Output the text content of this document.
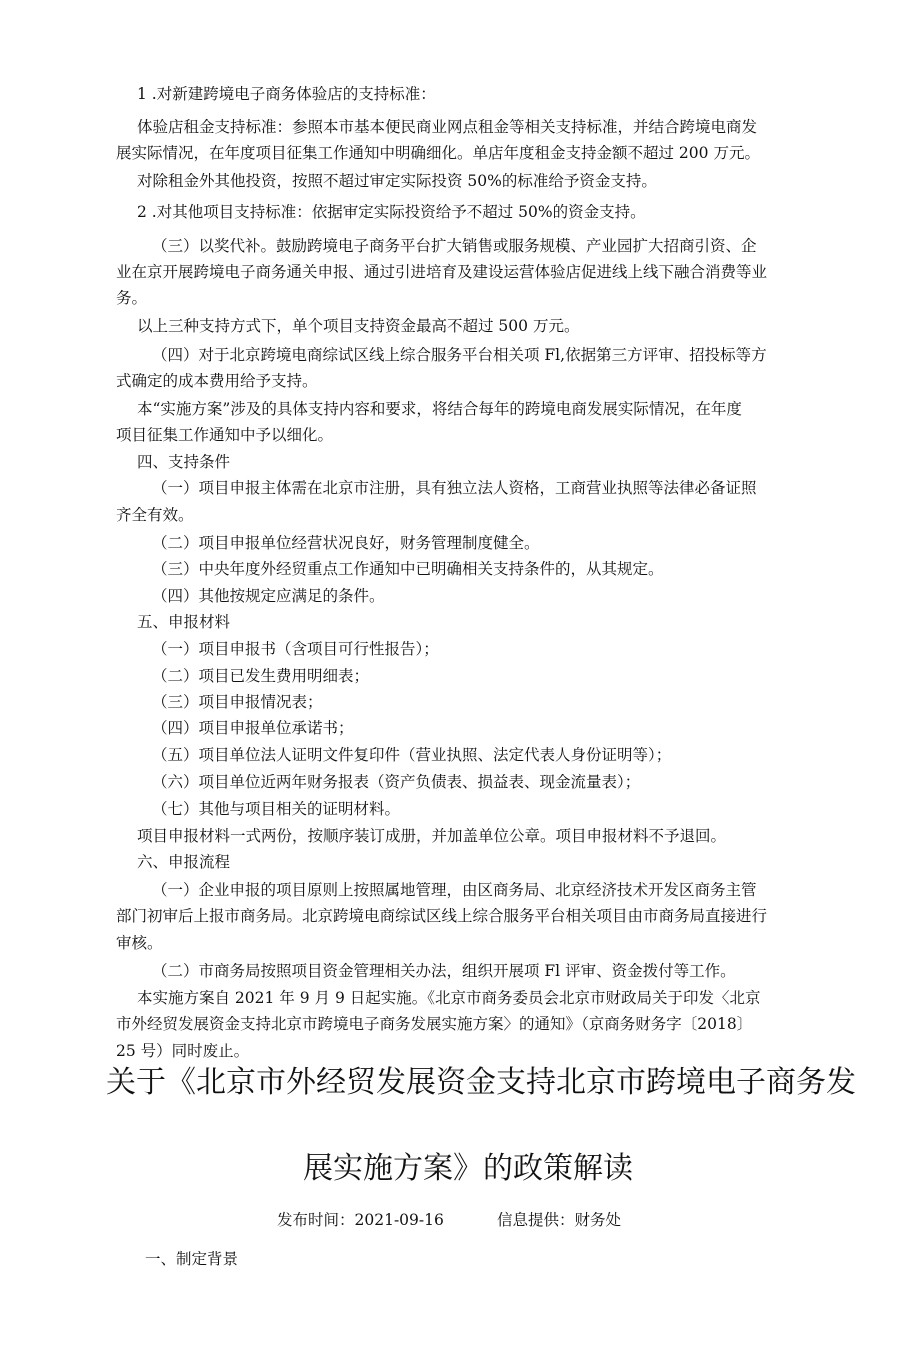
1 .对新建跨境电子商务体验店的支持标准：
体验店租金支持标准：参照本市基本便民商业网点租金等相关支持标准，并结合跨境电商发
展实际情况，在年度项目征集工作通知中明确细化。单店年度租金支持金额不超过 200 万元。
对除租金外其他投资，按照不超过审定实际投资 50%的标准给予资金支持。
2 .对其他项目支持标准：依据审定实际投资给予不超过 50%的资金支持。
（三）以奖代补。鼓励跨境电子商务平台扩大销售或服务规模、产业园扩大招商引资、企
业在京开展跨境电子商务通关申报、通过引进培育及建设运营体验店促进线上线下融合消费等业
务。
以上三种支持方式下，单个项目支持资金最高不超过 500 万元。
（四）对于北京跨境电商综试区线上综合服务平台相关项 Fl,依据第三方评审、招投标等方
式确定的成本费用给予支持。
本“实施方案”涉及的具体支持内容和要求，将结合每年的跨境电商发展实际情况，在年度
项目征集工作通知中予以细化。
四、支持条件
（一）项目申报主体需在北京市注册，具有独立法人资格，工商营业执照等法律必备证照
齐全有效。
（二）项目申报单位经营状况良好，财务管理制度健全。
（三）中央年度外经贸重点工作通知中已明确相关支持条件的，从其规定。
（四）其他按规定应满足的条件。
五、申报材料
（一）项目申报书（含项目可行性报告）；
（二）项目已发生费用明细表；
（三）项目申报情况表；
（四）项目申报单位承诺书；
（五）项目单位法人证明文件复印件（营业执照、法定代表人身份证明等）；
（六）项目单位近两年财务报表（资产负债表、损益表、现金流量表）；
（七）其他与项目相关的证明材料。
项目申报材料一式两份，按顺序装订成册，并加盖单位公章。项目申报材料不予退回。
六、申报流程
（一）企业申报的项目原则上按照属地管理，由区商务局、北京经济技术开发区商务主管
部门初审后上报市商务局。北京跨境电商综试区线上综合服务平台相关项目由市商务局直接进行
审核。
（二）市商务局按照项目资金管理相关办法，组织开展项 Fl 评审、资金拨付等工作。
本实施方案自 2021 年 9 月 9 日起实施。《北京市商务委员会北京市财政局关于印发〈北京
市外经贸发展资金支持北京市跨境电子商务发展实施方案〉的通知》（京商务财务字〔2018〕
25 号）同时废止。
关于《北京市外经贸发展资金支持北京市跨境电子商务发
展实施方案》的政策解读
发布时间：2021-09-16	信息提供：财务处
一、制定背景
